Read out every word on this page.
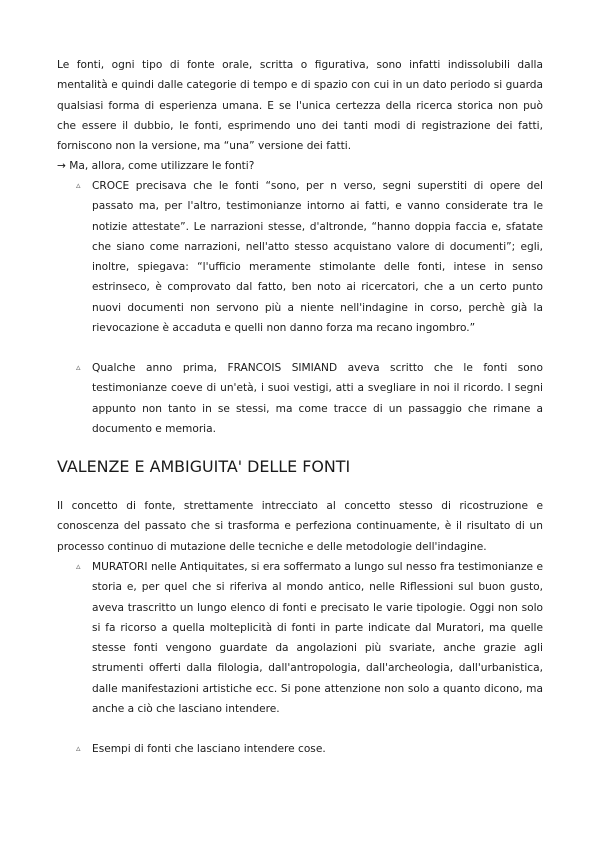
Le fonti, ogni tipo di fonte orale, scritta o figurativa, sono infatti indissolubili dalla mentalità e quindi dalle categorie di tempo e di spazio con cui in un dato periodo si guarda qualsiasi forma di esperienza umana. E se l'unica certezza della ricerca storica non può che essere il dubbio, le fonti, esprimendo uno dei tanti modi di registrazione dei fatti, forniscono non la versione, ma “una” versione dei fatti.

→ Ma, allora, come utilizzare le fonti?

▵	CROCE precisava che le fonti “sono, per n verso, segni superstiti di opere del passato ma, per l'altro, testimonianze intorno ai fatti, e vanno considerate tra le notizie attestate”. Le narrazioni stesse, d'altronde, “hanno doppia faccia e, sfatate che siano come narrazioni, nell'atto stesso acquistano valore di documenti”; egli, inoltre, spiegava: “l'ufficio meramente stimolante delle fonti, intese in senso estrinseco, è comprovato dal fatto, ben noto ai ricercatori, che a un certo punto nuovi documenti non servono più a niente nell'indagine in corso, perchè già la rievocazione è accaduta e quelli non danno forza ma recano ingombro.”
▵	Qualche anno prima, FRANCOIS SIMIAND aveva scritto che le fonti sono testimonianze coeve di un'età, i suoi vestigi, atti a svegliare in noi il ricordo. I segni appunto non tanto in se stessi, ma come tracce di un passaggio che rimane a documento e memoria.
VALENZE E AMBIGUITA' DELLE FONTI

Il concetto di fonte, strettamente intrecciato al concetto stesso di ricostruzione e conoscenza del passato che si trasforma e perfeziona continuamente, è il risultato di un processo continuo di mutazione delle tecniche e delle metodologie dell'indagine.

▵	MURATORI nelle Antiquitates, si era soffermato a lungo sul nesso fra testimonianze e storia e, per quel che si riferiva al mondo antico, nelle Riflessioni sul buon gusto, aveva trascritto un lungo elenco di fonti e precisato le varie tipologie. Oggi non solo si fa ricorso a quella molteplicità di fonti in parte indicate dal Muratori, ma quelle stesse fonti vengono guardate da angolazioni più svariate, anche grazie agli strumenti offerti dalla filologia, dall'antropologia, dall'archeologia, dall'urbanistica, dalle manifestazioni artistiche ecc. Si pone attenzione non solo a quanto dicono, ma anche a ciò che lasciano intendere.
▵	Esempi di fonti che lasciano intendere cose.
